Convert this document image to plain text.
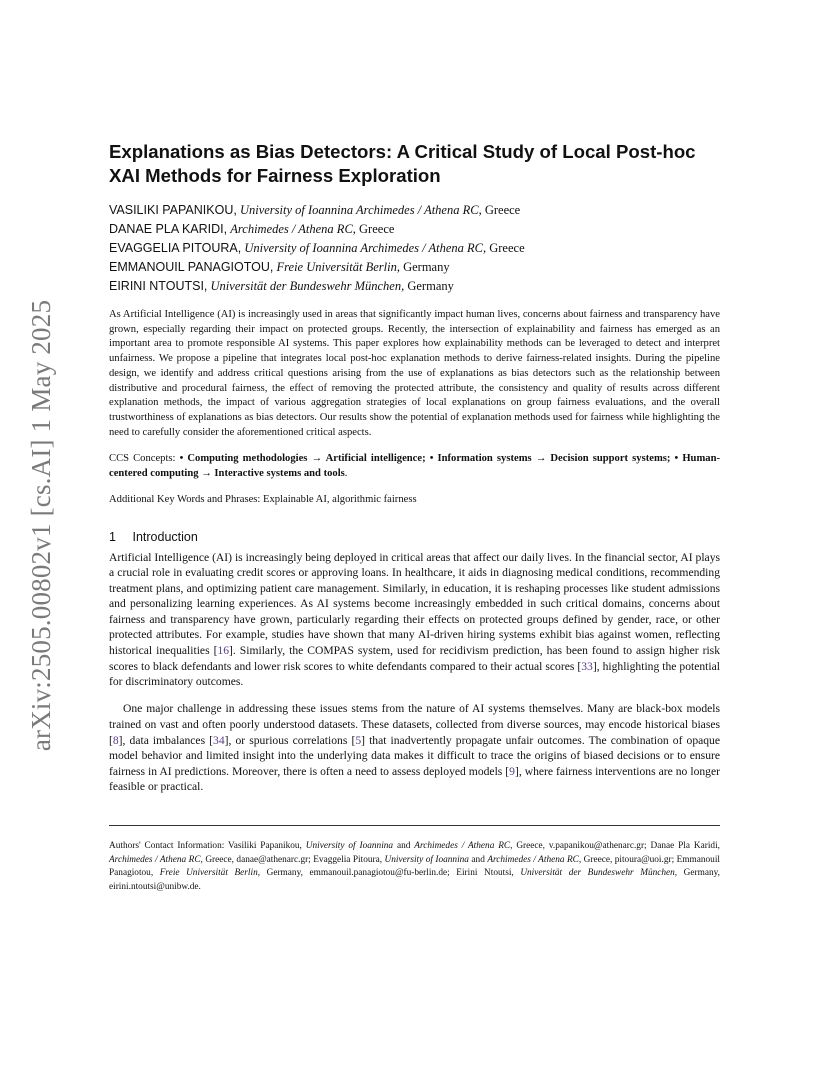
arXiv:2505.00802v1 [cs.AI] 1 May 2025
Explanations as Bias Detectors: A Critical Study of Local Post-hoc XAI Methods for Fairness Exploration
VASILIKI PAPANIKOU, University of Ioannina Archimedes / Athena RC, Greece
DANAE PLA KARIDI, Archimedes / Athena RC, Greece
EVAGGELIA PITOURA, University of Ioannina Archimedes / Athena RC, Greece
EMMANOUIL PANAGIOTOU, Freie Universität Berlin, Germany
EIRINI NTOUTSI, Universität der Bundeswehr München, Germany

As Artificial Intelligence (AI) is increasingly used in areas that significantly impact human lives, concerns about fairness and transparency have grown, especially regarding their impact on protected groups. Recently, the intersection of explainability and fairness has emerged as an important area to promote responsible AI systems. This paper explores how explainability methods can be leveraged to detect and interpret unfairness. We propose a pipeline that integrates local post-hoc explanation methods to derive fairness-related insights. During the pipeline design, we identify and address critical questions arising from the use of explanations as bias detectors such as the relationship between distributive and procedural fairness, the effect of removing the protected attribute, the consistency and quality of results across different explanation methods, the impact of various aggregation strategies of local explanations on group fairness evaluations, and the overall trustworthiness of explanations as bias detectors. Our results show the potential of explanation methods used for fairness while highlighting the need to carefully consider the aforementioned critical aspects.

CCS Concepts: • Computing methodologies → Artificial intelligence; • Information systems → Decision support systems; • Human-centered computing → Interactive systems and tools.

Additional Key Words and Phrases: Explainable AI, algorithmic fairness

1 Introduction

Artificial Intelligence (AI) is increasingly being deployed in critical areas that affect our daily lives. In the financial sector, AI plays a crucial role in evaluating credit scores or approving loans. In healthcare, it aids in diagnosing medical conditions, recommending treatment plans, and optimizing patient care management. Similarly, in education, it is reshaping processes like student admissions and personalizing learning experiences. As AI systems become increasingly embedded in such critical domains, concerns about fairness and transparency have grown, particularly regarding their effects on protected groups defined by gender, race, or other protected attributes. For example, studies have shown that many AI-driven hiring systems exhibit bias against women, reflecting historical inequalities [16]. Similarly, the COMPAS system, used for recidivism prediction, has been found to assign higher risk scores to black defendants and lower risk scores to white defendants compared to their actual scores [33], highlighting the potential for discriminatory outcomes.

One major challenge in addressing these issues stems from the nature of AI systems themselves. Many are black-box models trained on vast and often poorly understood datasets. These datasets, collected from diverse sources, may encode historical biases [8], data imbalances [34], or spurious correlations [5] that inadvertently propagate unfair outcomes. The combination of opaque model behavior and limited insight into the underlying data makes it difficult to trace the origins of biased decisions or to ensure fairness in AI predictions. Moreover, there is often a need to assess deployed models [9], where fairness interventions are no longer feasible or practical.

Authors' Contact Information: Vasiliki Papanikou, University of Ioannina and Archimedes / Athena RC, Greece, v.papanikou@athenarc.gr; Danae Pla Karidi, Archimedes / Athena RC, Greece, danae@athenarc.gr; Evaggelia Pitoura, University of Ioannina and Archimedes / Athena RC, Greece, pitoura@uoi.gr; Emmanouil Panagiotou, Freie Universität Berlin, Germany, emmanouil.panagiotou@fu-berlin.de; Eirini Ntoutsi, Universität der Bundeswehr München, Germany, eirini.ntoutsi@unibw.de.
